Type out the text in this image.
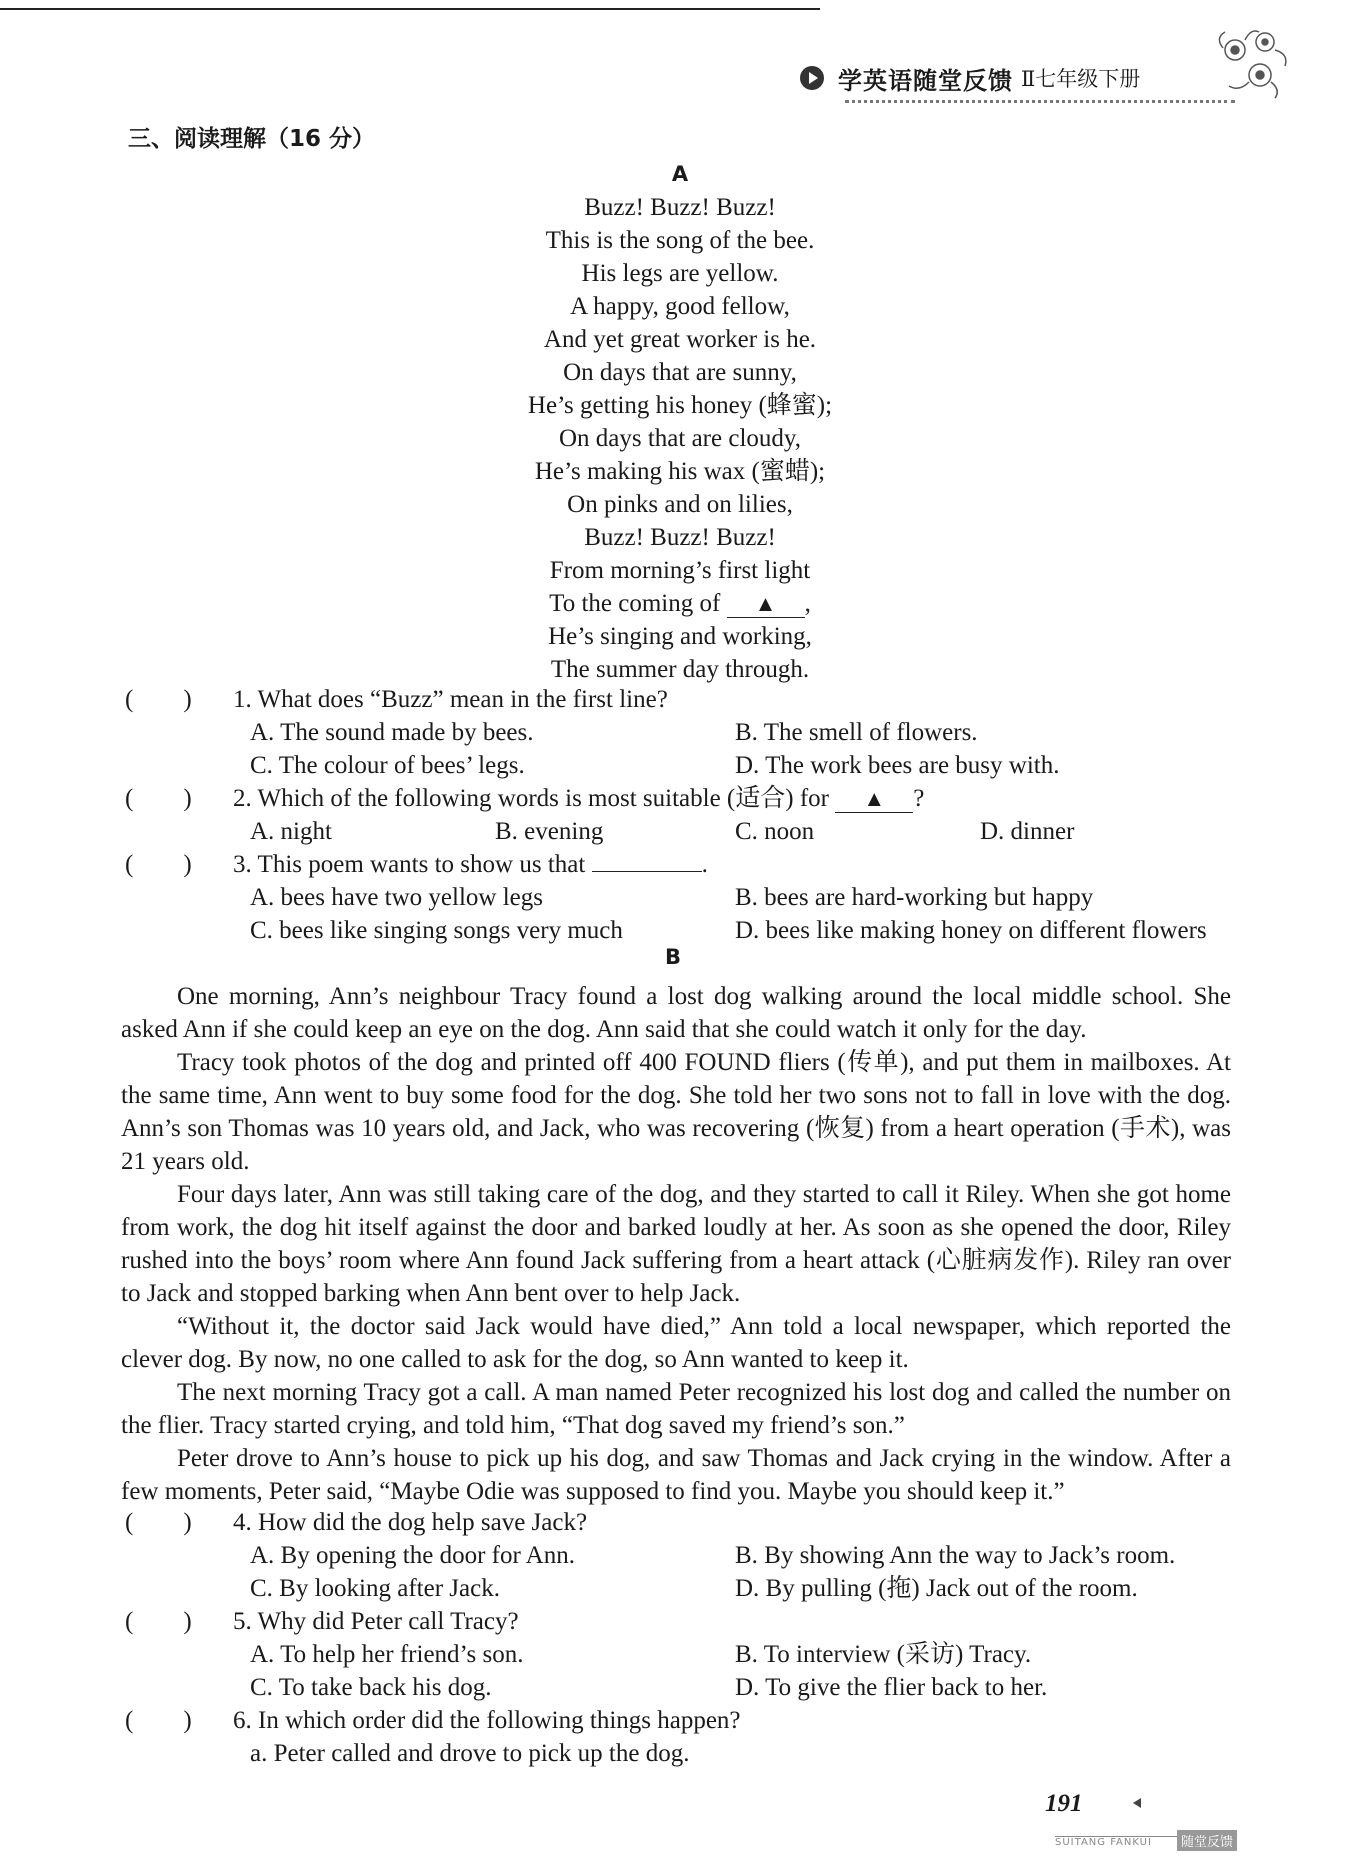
学英语随堂反馈 Ⅱ七年级下册
三、阅读理解（16 分）
A
Buzz! Buzz! Buzz!
This is the song of the bee.
His legs are yellow.
A happy, good fellow,
And yet great worker is he.
On days that are sunny,
He’s getting his honey (蜂蜜);
On days that are cloudy,
He’s making his wax (蜜蜡);
On pinks and on lilies,
Buzz! Buzz! Buzz!
From morning’s first light
To the coming of ▲ ,
He’s singing and working,
The summer day through.
(　　)	1. What does “Buzz” mean in the first line?
A. The sound made by bees.	B. The smell of flowers.
C. The colour of bees’ legs.	D. The work bees are busy with.
(　　)	2. Which of the following words is most suitable (适合) for ▲ ?
A. night	B. evening	C. noon	D. dinner
(　　)	3. This poem wants to show us that	.
A. bees have two yellow legs	B. bees are hard-working but happy
C. bees like singing songs very much	D. bees like making honey on different flowers
B

One morning, Ann’s neighbour Tracy found a lost dog walking around the local middle school. She asked Ann if she could keep an eye on the dog. Ann said that she could watch it only for the day.

Tracy took photos of the dog and printed off 400 FOUND fliers (传单), and put them in mailboxes. At the same time, Ann went to buy some food for the dog. She told her two sons not to fall in love with the dog. Ann’s son Thomas was 10 years old, and Jack, who was recovering (恢复) from a heart operation (手术), was 21 years old.

Four days later, Ann was still taking care of the dog, and they started to call it Riley. When she got home from work, the dog hit itself against the door and barked loudly at her. As soon as she opened the door, Riley rushed into the boys’ room where Ann found Jack suffering from a heart attack (心脏病发作). Riley ran over to Jack and stopped barking when Ann bent over to help Jack.

“Without it, the doctor said Jack would have died,” Ann told a local newspaper, which reported the clever dog. By now, no one called to ask for the dog, so Ann wanted to keep it.

The next morning Tracy got a call. A man named Peter recognized his lost dog and called the number on the flier. Tracy started crying, and told him, “That dog saved my friend’s son.”

Peter drove to Ann’s house to pick up his dog, and saw Thomas and Jack crying in the window. After a few moments, Peter said, “Maybe Odie was supposed to find you. Maybe you should keep it.”

(　　)	4. How did the dog help save Jack?
A. By opening the door for Ann.	B. By showing Ann the way to Jack’s room.
C. By looking after Jack.	D. By pulling (拖) Jack out of the room.
(　　)	5. Why did Peter call Tracy?
A. To help her friend’s son.	B. To interview (采访) Tracy.
C. To take back his dog.	D. To give the flier back to her.
(　　)	6. In which order did the following things happen?
a. Peter called and drove to pick up the dog.
191
SUITANG FANKUI	随堂反馈
